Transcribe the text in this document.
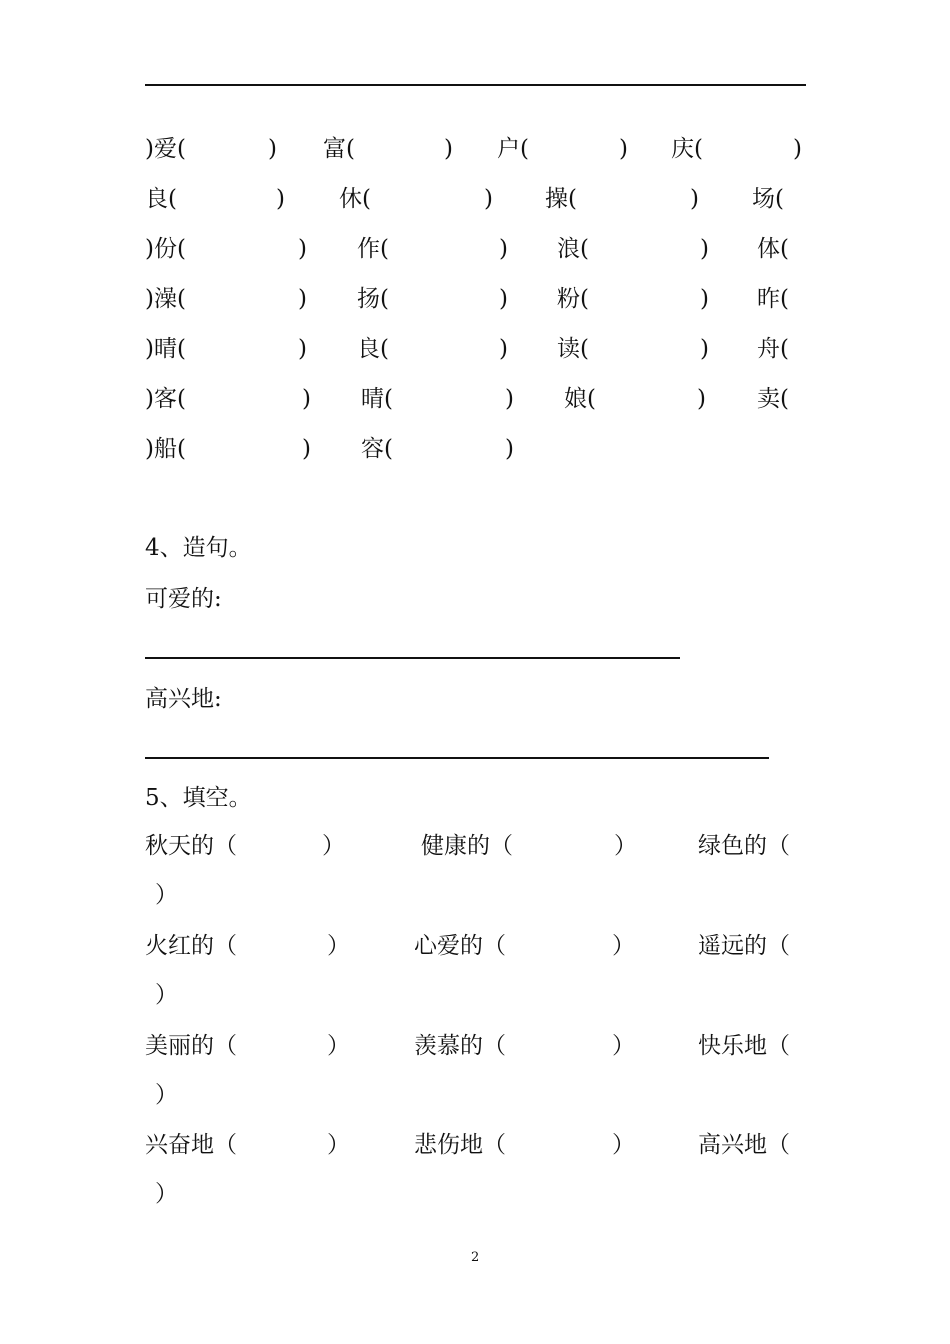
)爱(	) 富(	) 户(	) 庆(	)
良(	) 休(	) 操(	) 场(
)份(	) 作(	) 浪(	) 体(
)澡(	) 扬(	) 粉(	) 昨(
)晴(	) 良(	) 读(	) 舟(
)客(	) 晴(	) 娘(	) 卖(
)船(	) 容(	)
4、造句。
可爱的:
高兴地:
5、填空。
秋天的（	）	健康的（	）	绿色的（
）
火红的（	）	心爱的（	）	遥远的（
）
美丽的（	）	羡慕的（	）	快乐地（
）
兴奋地（	）	悲伤地（	）	高兴地（
）
2
